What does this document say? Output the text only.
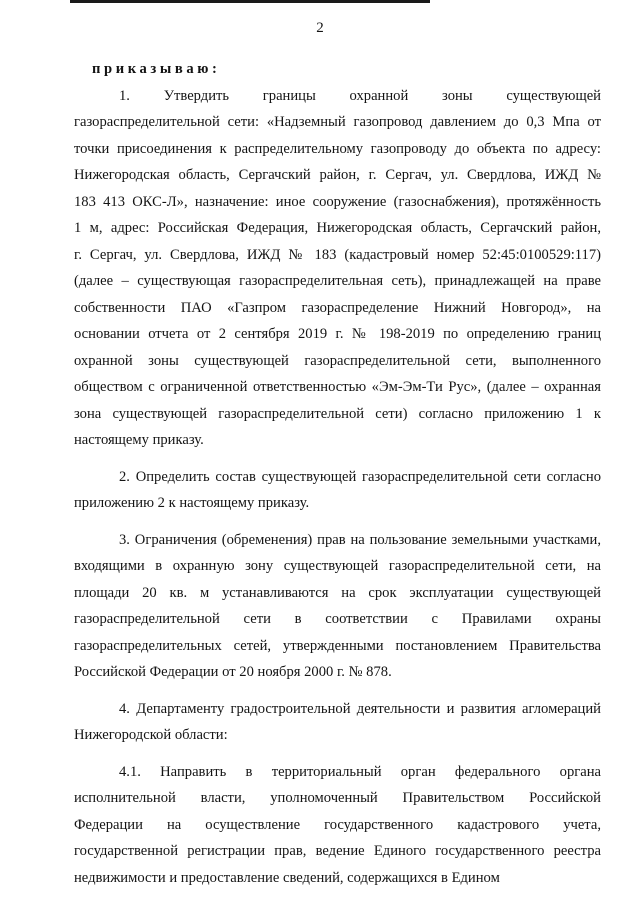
2
приказываю:
1. Утвердить границы охранной зоны существующей
газораспределительной сети: «Надземный газопровод давлением до 0,3 Мпа от
точки присоединения к распределительному газопроводу до объекта по адресу:
Нижегородская область, Сергачский район, г. Сергач, ул. Свердлова, ИЖД №
183 413 ОКС-Л», назначение: иное сооружение (газоснабжения), протяжённость
1 м, адрес: Российская Федерация, Нижегородская область, Сергачский район,
г. Сергач, ул. Свердлова, ИЖД № 183 (кадастровый номер 52:45:0100529:117)
(далее – существующая газораспределительная сеть), принадлежащей на праве
собственности ПАО «Газпром газораспределение Нижний Новгород», на
основании отчета от 2 сентября 2019 г. № 198-2019 по определению границ
охранной зоны существующей газораспределительной сети, выполненного
обществом с ограниченной ответственностью «Эм-Эм-Ти Рус», (далее – охранная
зона существующей газораспределительной сети) согласно приложению 1 к
настоящему приказу.
2. Определить состав существующей газораспределительной сети согласно
приложению 2 к настоящему приказу.
3. Ограничения (обременения) прав на пользование земельными участками,
входящими в охранную зону существующей газораспределительной сети, на
площади 20 кв. м устанавливаются на срок эксплуатации существующей
газораспределительной сети в соответствии с Правилами охраны
газораспределительных сетей, утвержденными постановлением Правительства
Российской Федерации от 20 ноября 2000 г. № 878.
4. Департаменту градостроительной деятельности и развития агломераций
Нижегородской области:
4.1. Направить в территориальный орган федерального органа
исполнительной власти, уполномоченный Правительством Российской
Федерации на осуществление государственного кадастрового учета,
государственной регистрации прав, ведение Единого государственного реестра
недвижимости и предоставление сведений, содержащихся в Едином
